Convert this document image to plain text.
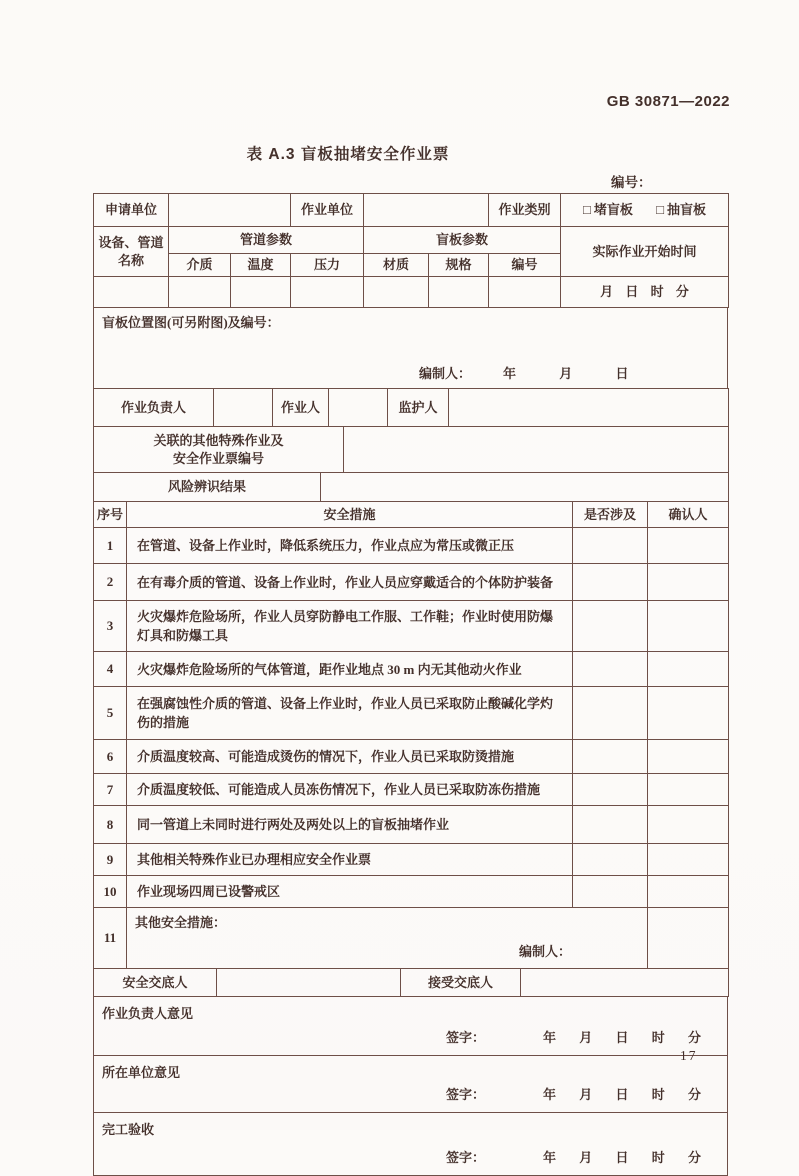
GB 30871—2022
表 A.3 盲板抽堵安全作业票
编号：
申请单位			作业单位			作业类别	□ 堵盲板 □ 抽盲板

设备、管道
名称	管道参数			盲板参数			实际作业开始时间
	介质	温度	压力	材质	规格	编号	
							月 日 时 分
盲板位置图(可另附图)及编号：
编制人： 年 月 日
作业负责人		作业人		监护人	
关联的其他特殊作业及
安全作业票编号		

风险辨识结果		
序号	安全措施	是否涉及	确认人
1	在管道、设备上作业时，降低系统压力，作业点应为常压或微正压		
2	在有毒介质的管道、设备上作业时，作业人员应穿戴适合的个体防护装备		
3	火灾爆炸危险场所，作业人员穿防静电工作服、工作鞋；作业时使用防爆灯具和防爆工具		
4	火灾爆炸危险场所的气体管道，距作业地点 30 m 内无其他动火作业		
5	在强腐蚀性介质的管道、设备上作业时，作业人员已采取防止酸碱化学灼伤的措施		
6	介质温度较高、可能造成烫伤的情况下，作业人员已采取防烫措施		
7	介质温度较低、可能造成人员冻伤情况下，作业人员已采取防冻伤措施		
8	同一管道上未同时进行两处及两处以上的盲板抽堵作业		
9	其他相关特殊作业已办理相应安全作业票		
10	作业现场四周已设警戒区		
11	其他安全措施：
编制人：		

安全交底人		接受交底人	
作业负责人意见
签字：	年 月 日 时 分

所在单位意见
签字：	年 月 日 时 分

完工验收
签字：	年 月 日 时 分
17
